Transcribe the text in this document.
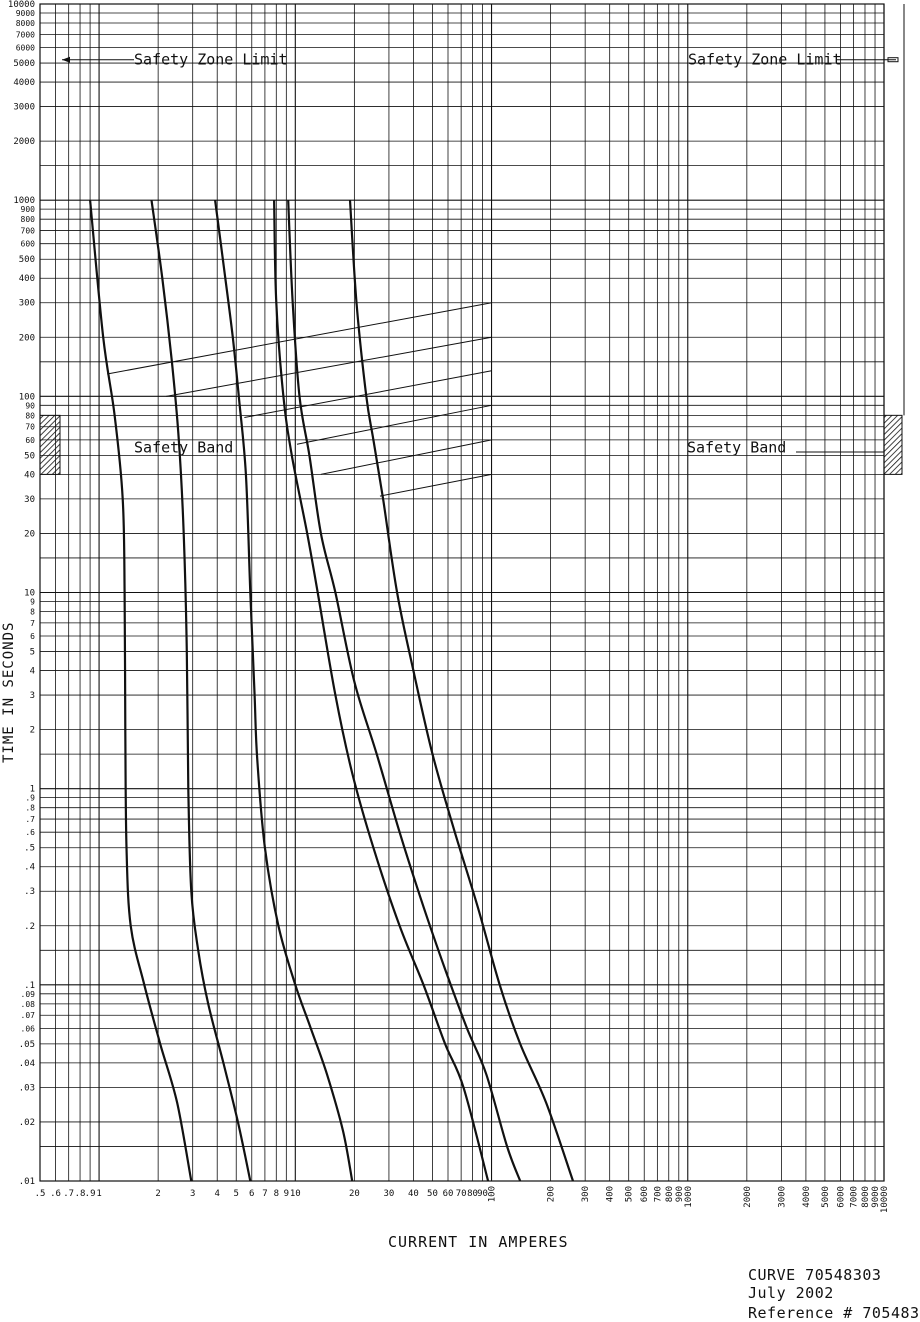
.5 .6 .7 .8 .9 1	2	3 4 5 6 7 8 9 10	20	30 40 50 60 70 80 90 100	200	300 400 500 600 700 800 900
1000	2000	3000 4000 5000 6000 7000 8000 9000
10000
10000
9000
8000
7000
6000
5000
4000
3000
2000
1000
900
800
700
600
500
400
300
200
100
90
80
70
60
50
40
30
20
10
9
8
7
6
5
4
3
2
1
.9
.8
.7
.6
.5
.4
.3
.2
.1
.09
.08
.07
.06
.05
.04
.03
.02
.01
Safety Zone Limit	Safety Zone Limit
Safety Band	Safety Band
CURRENT IN AMPERES
TIME IN SECONDS
CURVE 70548303
July 2002
Reference # 705483
